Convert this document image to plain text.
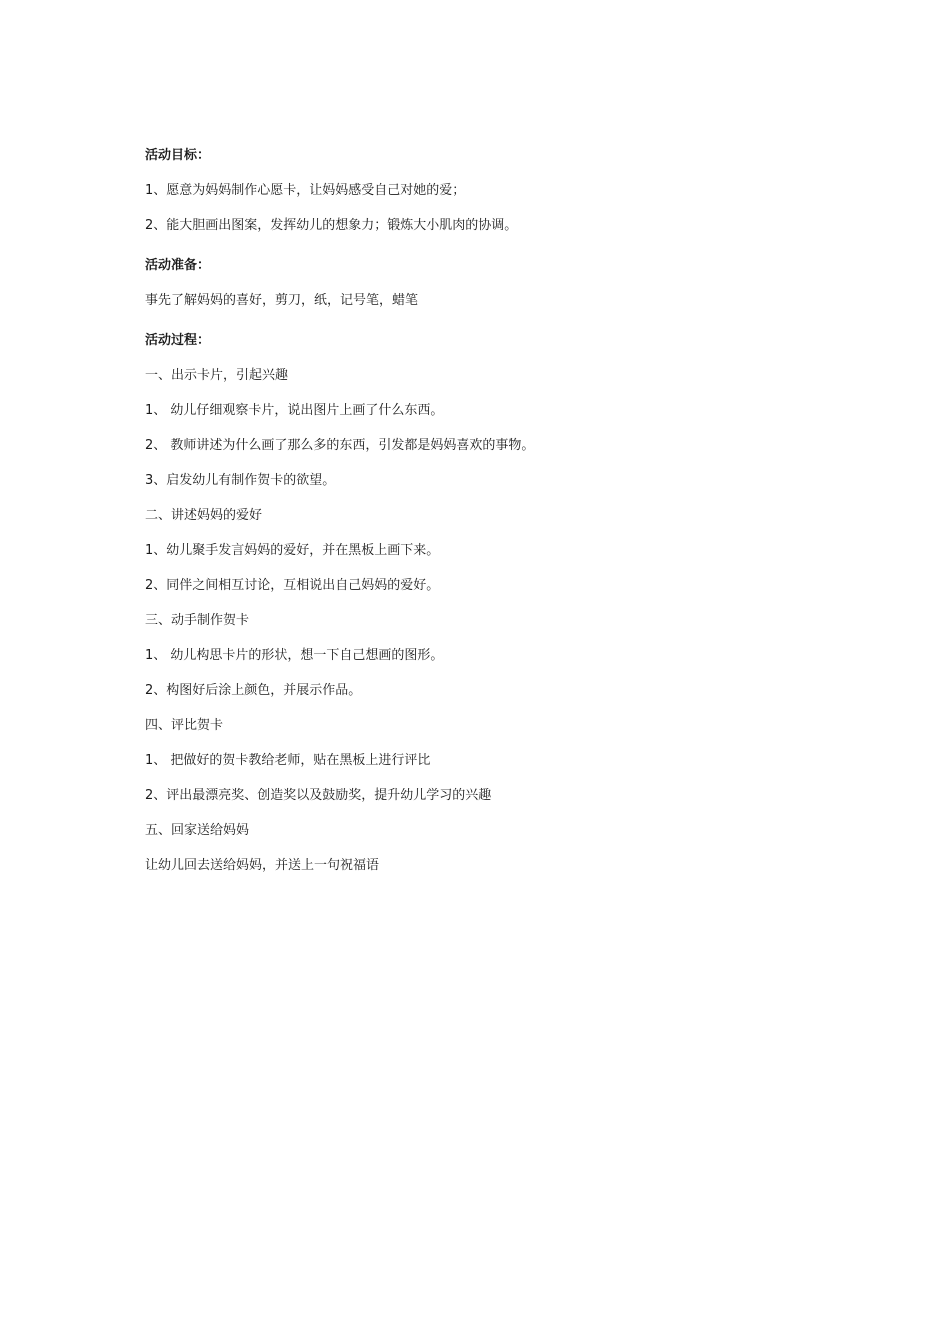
活动目标：
1、愿意为妈妈制作心愿卡，让妈妈感受自己对她的爱；
2、能大胆画出图案，发挥幼儿的想象力；锻炼大小肌肉的协调。
活动准备：
事先了解妈妈的喜好，剪刀，纸，记号笔，蜡笔
活动过程：
一、出示卡片，引起兴趣
1、 幼儿仔细观察卡片，说出图片上画了什么东西。
2、 教师讲述为什么画了那么多的东西，引发都是妈妈喜欢的事物。
3、启发幼儿有制作贺卡的欲望。
二、讲述妈妈的爱好
1、幼儿聚手发言妈妈的爱好，并在黑板上画下来。
2、同伴之间相互讨论，互相说出自己妈妈的爱好。
三、动手制作贺卡
1、 幼儿构思卡片的形状，想一下自己想画的图形。
2、构图好后涂上颜色，并展示作品。
四、评比贺卡
1、 把做好的贺卡教给老师，贴在黑板上进行评比
2、评出最漂亮奖、创造奖以及鼓励奖，提升幼儿学习的兴趣
五、回家送给妈妈
让幼儿回去送给妈妈，并送上一句祝福语
